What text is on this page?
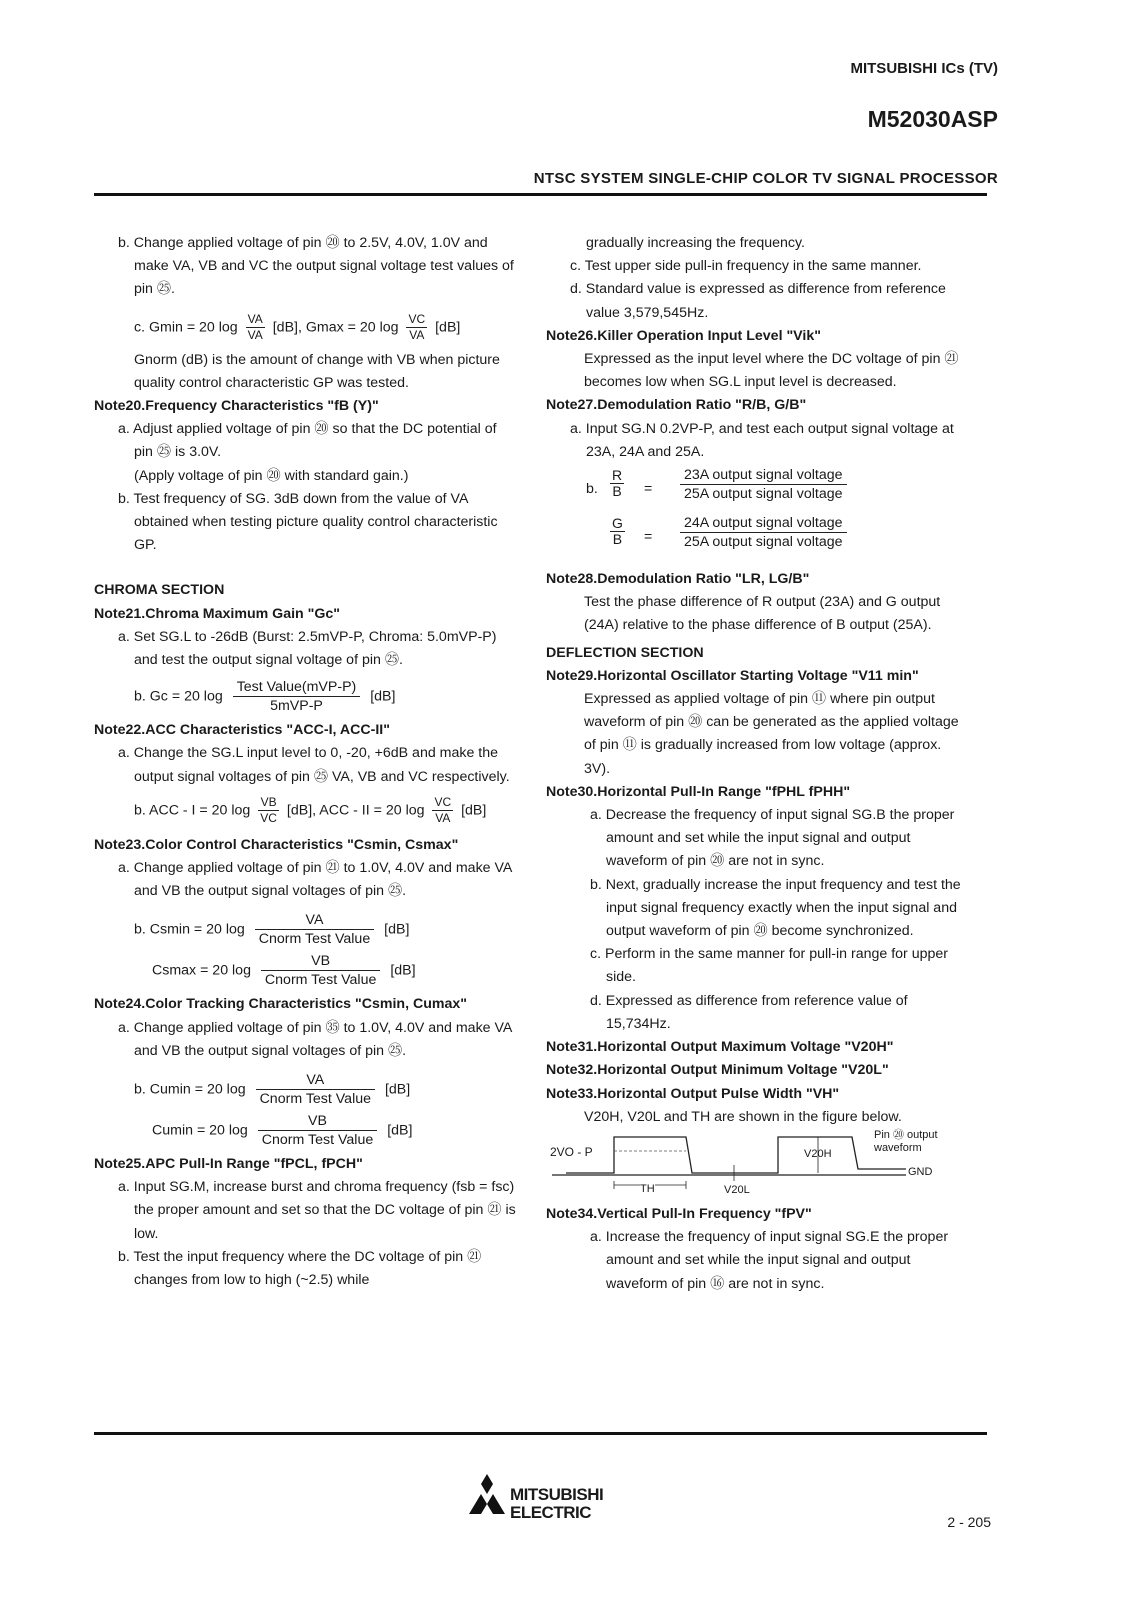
MITSUBISHI ICs (TV)
M52030ASP
NTSC SYSTEM SINGLE-CHIP COLOR TV SIGNAL PROCESSOR

b. Change applied voltage of pin ⑳ to 2.5V, 4.0V, 1.0V and make VA, VB and VC the output signal voltage test values of pin ㉕.

c. Gmin = 20 $\log \frac{VA}{VA} [dB]$, Gmax = 20 $\log \frac{VC}{VA} [dB]$

Gnorm (dB) is the amount of change with VB when picture quality control characteristic GP was tested.

Note20.Frequency Characteristics "fB (Y)"

a. Adjust applied voltage of pin ⑳ so that the DC potential of pin ㉕ is 3.0V.

(Apply voltage of pin ⑳ with standard gain.)

b. Test frequency of SG. 3dB down from the value of VA obtained when testing picture quality control characteristic GP.

CHROMA SECTION

Note21.Chroma Maximum Gain "Gc"

a. Set SG.L to -26dB (Burst: 2.5mVP-P, Chroma: 5.0mVP-P) and test the output signal voltage of pin ㉕.

b. Gc = 20 log
Test Value(mVP-P)
5mVP-P
[dB]

Note22.ACC Characteristics "ACC-I, ACC-II"

a. Change the SG.L input level to 0, -20, +6dB and make the output signal voltages of pin ㉕ VA, VB and VC respectively.

b. ACC - I = 20 $\log \frac{VB}{VC} [dB]$, ACC - II = 20 $\log \frac{VC}{VA} [dB]$

Note23.Color Control Characteristics "Csmin, Csmax"

a. Change applied voltage of pin ㉑ to 1.0V, 4.0V and make VA and VB the output signal voltages of pin ㉕.

b. Csmin = 20 log
VA
Cnorm Test Value
[dB]

Csmax = 20 log
VB
Cnorm Test Value
[dB]

Note24.Color Tracking Characteristics "Csmin, Cumax"

a. Change applied voltage of pin ㉟ to 1.0V, 4.0V and make VA and VB the output signal voltages of pin ㉕.

b. Cumin = 20 log
VA
Cnorm Test Value
[dB]

Cumin = 20 log
VB
Cnorm Test Value
[dB]

Note25.APC Pull-In Range "fPCL, fPCH"

a. Input SG.M, increase burst and chroma frequency (fsb = fsc) the proper amount and set so that the DC voltage of pin ㉑ is low.

b. Test the input frequency where the DC voltage of pin ㉑ changes from low to high (~2.5) while

gradually increasing the frequency.

c. Test upper side pull-in frequency in the same manner.

d. Standard value is expressed as difference from reference value 3,579,545Hz.

Note26.Killer Operation Input Level "Vik"

Expressed as the input level where the DC voltage of pin ㉑ becomes low when SG.L input level is decreased.

Note27.Demodulation Ratio "R/B, G/B"

a. Input SG.N 0.2VP-P, and test each output signal voltage at 23A, 24A and 25A.

b. $\frac{R}{B}$ =
23A output signal voltage
25A output signal voltage
$\frac{G}{B}$ =
24A output signal voltage
25A output signal voltage

Note28.Demodulation Ratio "LR, LG/B"

Test the phase difference of R output (23A) and G output (24A) relative to the phase difference of B output (25A).

DEFLECTION SECTION

Note29.Horizontal Oscillator Starting Voltage "V11 min"

Expressed as applied voltage of pin ⑪ where pin output waveform of pin ⑳ can be generated as the applied voltage of pin ⑪ is gradually increased from low voltage (approx. 3V).

Note30.Horizontal Pull-In Range "fPHL fPHH"

a. Decrease the frequency of input signal SG.B the proper amount and set while the input signal and output waveform of pin ⑳ are not in sync.

b. Next, gradually increase the input frequency and test the input signal frequency exactly when the input signal and output waveform of pin ⑳ become synchronized.

c. Perform in the same manner for pull-in range for upper side.

d. Expressed as difference from reference value of 15,734Hz.

Note31.Horizontal Output Maximum Voltage "V20H"

Note32.Horizontal Output Minimum Voltage "V20L"

Note33.Horizontal Output Pulse Width "VH"

V20H, V20L and TH are shown in the figure below.

2VO - P	V20H
Pin ⑳ output waveform
GND
TH	V20L

Note34.Vertical Pull-In Frequency "fPV"

a. Increase the frequency of input signal SG.E the proper amount and set while the input signal and output waveform of pin ⑯ are not in sync.

MITSUBISHI
ELECTRIC	2 - 205
